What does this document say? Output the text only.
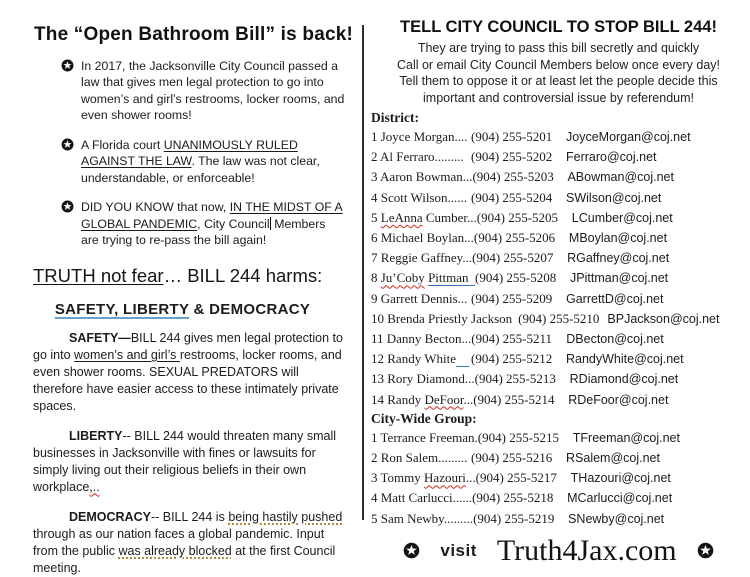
The “Open Bathroom Bill” is back!
In 2017, the Jacksonville City Council passed a law that gives men legal protection to go into women’s and girl’s restrooms, locker rooms, and even shower rooms!
A Florida court UNANIMOUSLY RULED AGAINST THE LAW. The law was not clear, understandable, or enforceable!
DID YOU KNOW that now, IN THE MIDST OF A GLOBAL PANDEMIC, City Council Members are trying to re-pass the bill again!
TRUTH not fear… BILL 244 harms:
SAFETY, LIBERTY & DEMOCRACY
SAFETY—BILL 244 gives men legal protection to go into women’s and girl’s restrooms, locker rooms, and even shower rooms. SEXUAL PREDATORS will therefore have easier access to these intimately private spaces.
LIBERTY-- BILL 244 would threaten many small businesses in Jacksonville with fines or lawsuits for simply living out their religious beliefs in their own workplace,..
DEMOCRACY-- BILL 244 is being hastily pushed through as our nation faces a global pandemic. Input from the public was already blocked at the first Council meeting.
TELL CITY COUNCIL TO STOP BILL 244!
They are trying to pass this bill secretly and quickly
Call or email City Council Members below once every day!
Tell them to oppose it or at least let the people decide this
important and controversial issue by referendum!
District:
1 Joyce Morgan.... (904) 255-5201	JoyceMorgan@coj.net
2 Al Ferraro......... (904) 255-5202	Ferraro@coj.net
3 Aaron Bowman... (904) 255-5203	ABowman@coj.net
4 Scott Wilson...... (904) 255-5204	SWilson@coj.net
5 LeAnna Cumber... (904) 255-5205	LCumber@coj.net
6 Michael Boylan... (904) 255-5206	MBoylan@coj.net
7 Reggie Gaffney... (904) 255-5207	RGaffney@coj.net
8 Ju’Coby Pittman (904) 255-5208	JPittman@coj.net
9 Garrett Dennis... (904) 255-5209	GarrettD@coj.net
10 Brenda Priestly Jackson (904) 255-5210 BPJackson@coj.net
11 Danny Becton... (904) 255-5211	DBecton@coj.net
12 Randy White	(904) 255-5212	RandyWhite@coj.net
13 Rory Diamond... (904) 255-5213	RDiamond@coj.net
14 Randy DeFoor... (904) 255-5214	RDeFoor@coj.net
City-Wide Group:
1 Terrance Freeman. (904) 255-5215	TFreeman@coj.net
2 Ron Salem......... (904) 255-5216	RSalem@coj.net
3 Tommy Hazouri... (904) 255-5217	THazouri@coj.net
4 Matt Carlucci...... (904) 255-5218	MCarlucci@coj.net
5 Sam Newby......... (904) 255-5219	SNewby@coj.net
visit Truth4Jax.com
